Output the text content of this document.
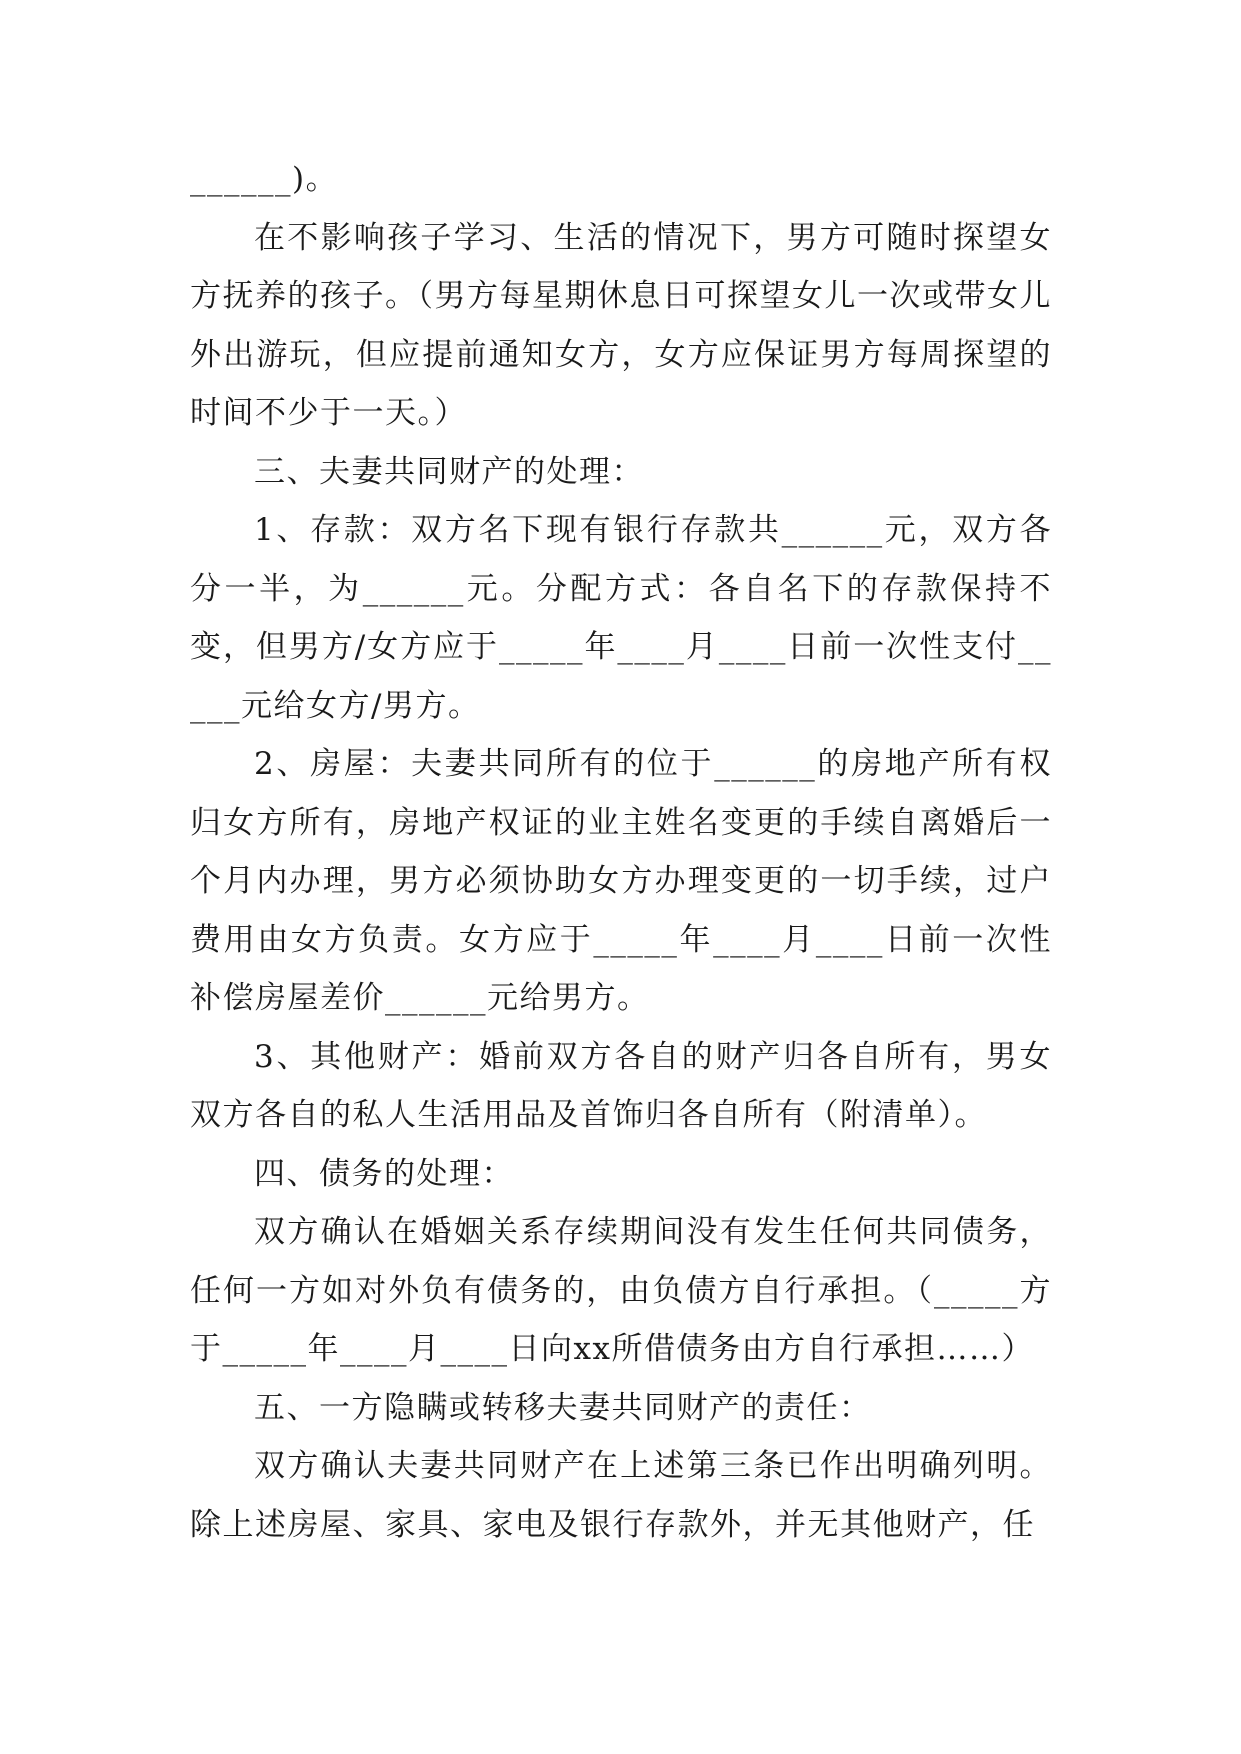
______)。

在不影响孩子学习、生活的情况下，男方可随时探望女方抚养的孩子。（男方每星期休息日可探望女儿一次或带女儿外出游玩，但应提前通知女方，女方应保证男方每周探望的时间不少于一天。）

三、夫妻共同财产的处理：

1、存款：双方名下现有银行存款共______元，双方各分一半，为______元。分配方式：各自名下的存款保持不变，但男方/女方应于_____年____月____日前一次性支付_____元给女方/男方。

2、房屋：夫妻共同所有的位于______的房地产所有权归女方所有，房地产权证的业主姓名变更的手续自离婚后一个月内办理，男方必须协助女方办理变更的一切手续，过户费用由女方负责。女方应于_____年____月____日前一次性补偿房屋差价______元给男方。

3、其他财产：婚前双方各自的财产归各自所有，男女双方各自的私人生活用品及首饰归各自所有（附清单）。

四、债务的处理：

双方确认在婚姻关系存续期间没有发生任何共同债务，任何一方如对外负有债务的，由负债方自行承担。（_____方于_____年____月____日向xx所借债务由方自行承担……）

五、一方隐瞒或转移夫妻共同财产的责任：

双方确认夫妻共同财产在上述第三条已作出明确列明。除上述房屋、家具、家电及银行存款外，并无其他财产，任
